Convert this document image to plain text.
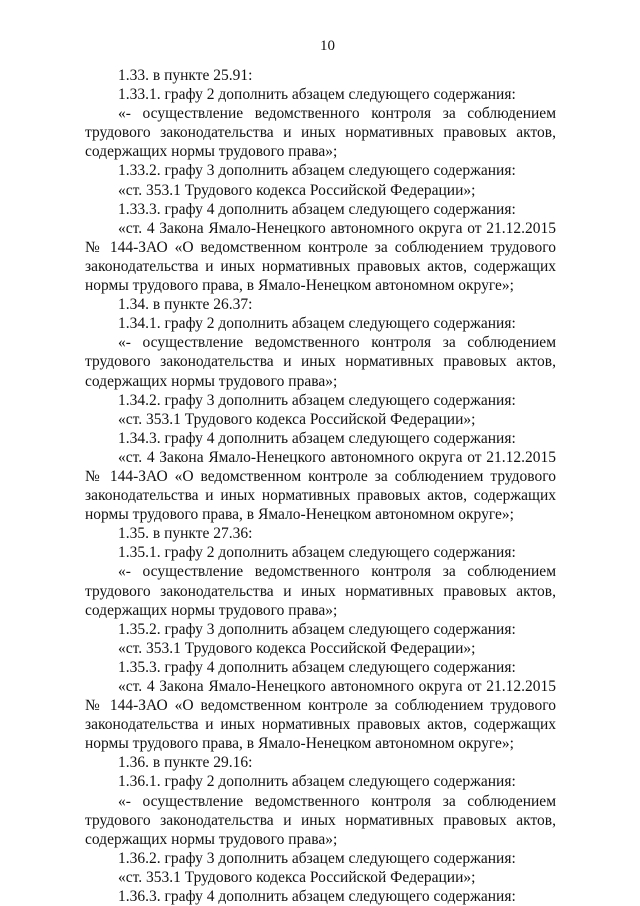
10

1.33. в пункте 25.91:

1.33.1. графу 2 дополнить абзацем следующего содержания:

«- осуществление ведомственного контроля за соблюдением трудового законодательства и иных нормативных правовых актов, содержащих нормы трудового права»;

1.33.2. графу 3 дополнить абзацем следующего содержания:

«ст. 353.1 Трудового кодекса Российской Федерации»;

1.33.3. графу 4 дополнить абзацем следующего содержания:

«ст. 4 Закона Ямало-Ненецкого автономного округа от 21.12.2015 № 144-ЗАО «О ведомственном контроле за соблюдением трудового законодательства и иных нормативных правовых актов, содержащих нормы трудового права, в Ямало-Ненецком автономном округе»;

1.34. в пункте 26.37:

1.34.1. графу 2 дополнить абзацем следующего содержания:

«- осуществление ведомственного контроля за соблюдением трудового законодательства и иных нормативных правовых актов, содержащих нормы трудового права»;

1.34.2. графу 3 дополнить абзацем следующего содержания:

«ст. 353.1 Трудового кодекса Российской Федерации»;

1.34.3. графу 4 дополнить абзацем следующего содержания:

«ст. 4 Закона Ямало-Ненецкого автономного округа от 21.12.2015 № 144-ЗАО «О ведомственном контроле за соблюдением трудового законодательства и иных нормативных правовых актов, содержащих нормы трудового права, в Ямало-Ненецком автономном округе»;

1.35. в пункте 27.36:

1.35.1. графу 2 дополнить абзацем следующего содержания:

«- осуществление ведомственного контроля за соблюдением трудового законодательства и иных нормативных правовых актов, содержащих нормы трудового права»;

1.35.2. графу 3 дополнить абзацем следующего содержания:

«ст. 353.1 Трудового кодекса Российской Федерации»;

1.35.3. графу 4 дополнить абзацем следующего содержания:

«ст. 4 Закона Ямало-Ненецкого автономного округа от 21.12.2015 № 144-ЗАО «О ведомственном контроле за соблюдением трудового законодательства и иных нормативных правовых актов, содержащих нормы трудового права, в Ямало-Ненецком автономном округе»;

1.36. в пункте 29.16:

1.36.1. графу 2 дополнить абзацем следующего содержания:

«- осуществление ведомственного контроля за соблюдением трудового законодательства и иных нормативных правовых актов, содержащих нормы трудового права»;

1.36.2. графу 3 дополнить абзацем следующего содержания:

«ст. 353.1 Трудового кодекса Российской Федерации»;

1.36.3. графу 4 дополнить абзацем следующего содержания:
